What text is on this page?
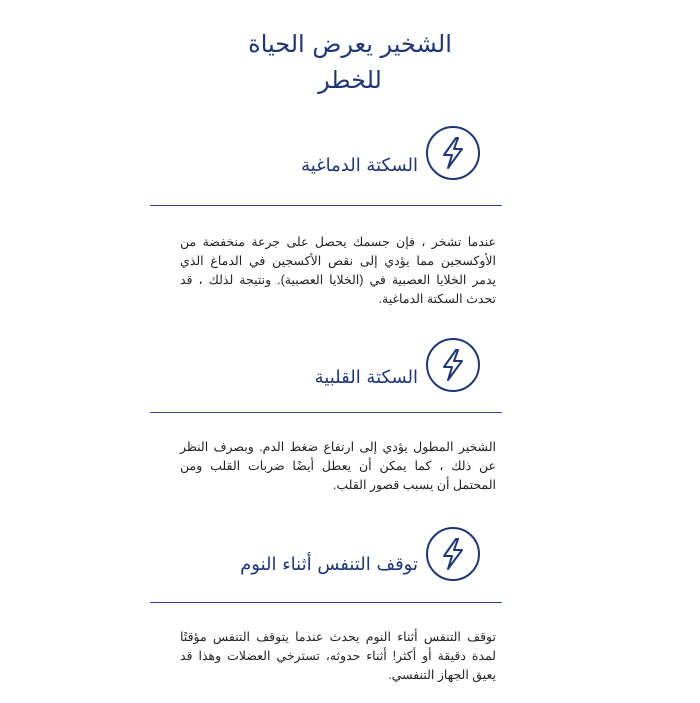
الشخير يعرض الحياة
للخطر
السكتة الدماغية

عندما تشخر ، فإن جسمك يحصل على جرعة منخفضة من الأوكسجين مما يؤدي إلى نقص الأكسجين في الدماغ الذي يدمر الخلايا العصبية في (الخلايا العصبية). ونتيجة لذلك ، قد تحدث السكتة الدماغية.

السكتة القلبية

الشخير المطول يؤدي إلى ارتفاع ضغط الدم. وبصرف النظر عن ذلك ، كما يمكن أن يعطل أيضًا ضربات القلب ومن المحتمل أن يسبب قصور القلب.

توقف التنفس أثناء النوم

توقف التنفس أثناء النوم يحدث عندما يتوقف التنفس مؤقتًا لمدة دقيقة أو أكثر! أثناء حدوثه، تسترخي العضلات وهذا قد يعيق الجهاز التنفسي.
